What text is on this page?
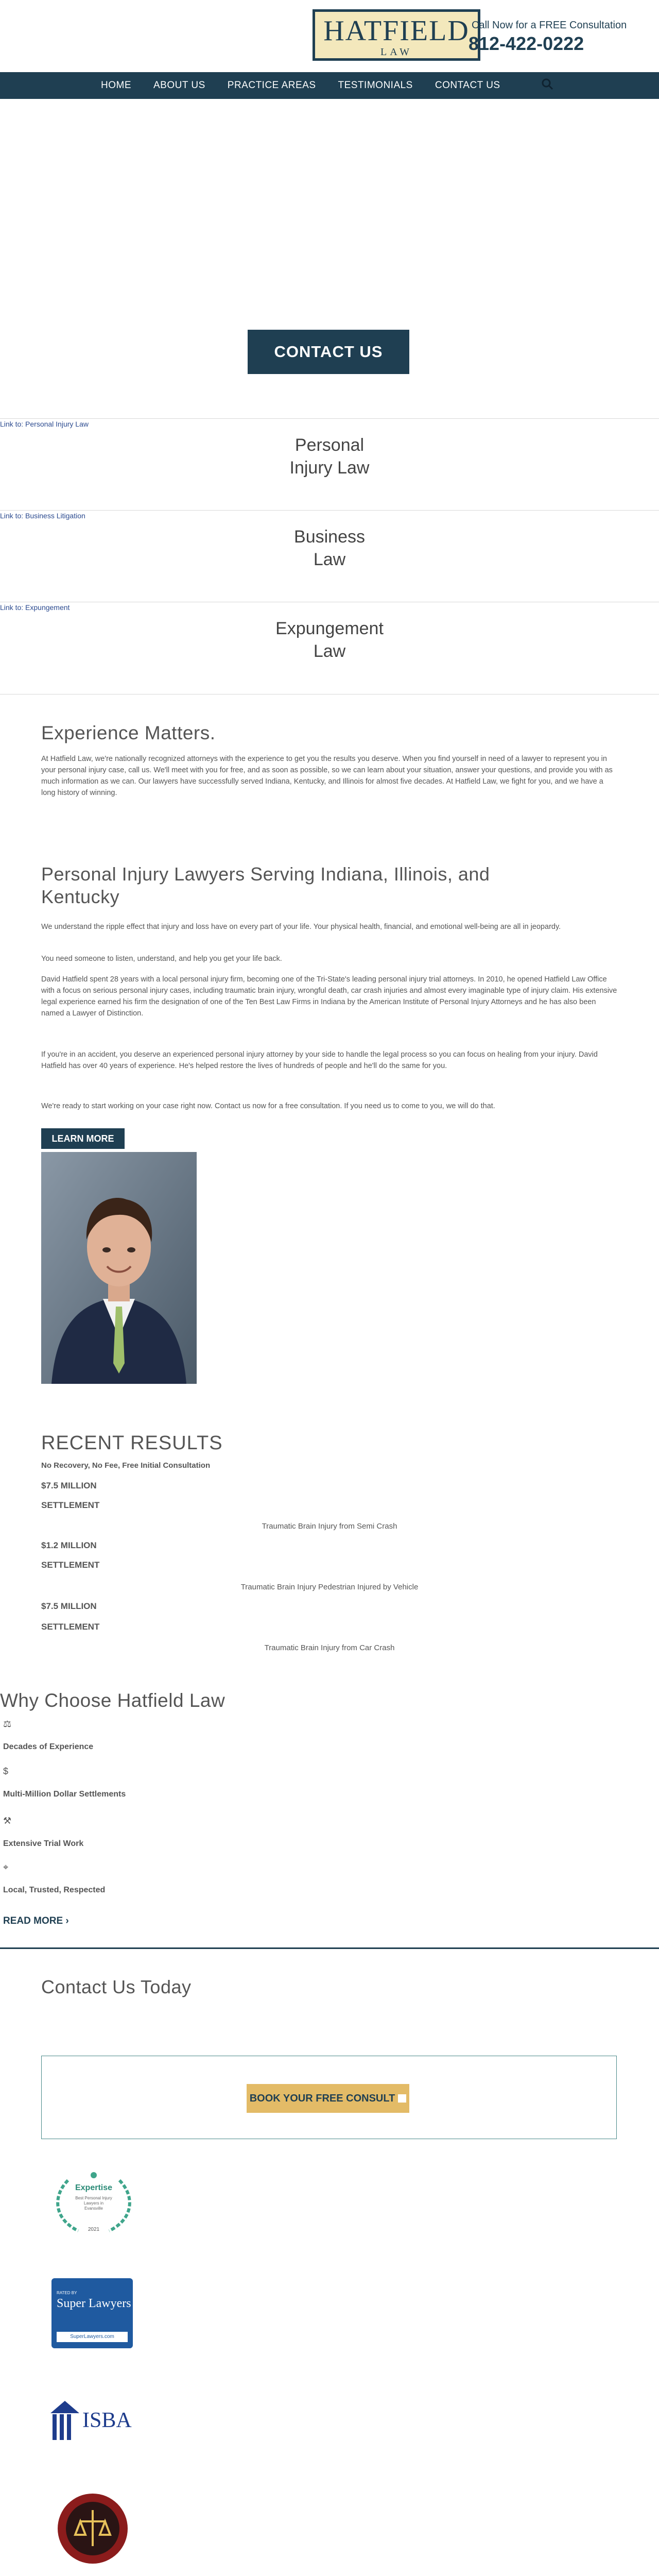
HATFIELD
LAW
Call Now for a FREE Consultation
812-422-0222
HOME ABOUT US PRACTICE AREAS TESTIMONIALS CONTACT US
CONTACT US
Link to: Personal Injury Law
Personal
Injury Law
Link to: Business Litigation
Business
Law
Link to: Expungement
Expungement
Law
Experience Matters.
At Hatfield Law, we're nationally recognized attorneys with the experience to get you the results you deserve. When you find yourself in need of a lawyer to represent you in your personal injury case, call us. We'll meet with you for free, and as soon as possible, so we can learn about your situation, answer your questions, and provide you with as much information as we can. Our lawyers have successfully served Indiana, Kentucky, and Illinois for almost five decades. At Hatfield Law, we fight for you, and we have a long history of winning.
Personal Injury Lawyers Serving Indiana, Illinois, and
Kentucky
We understand the ripple effect that injury and loss have on every part of your life. Your physical health, financial, and emotional well-being are all in jeopardy.
You need someone to listen, understand, and help you get your life back.
David Hatfield spent 28 years with a local personal injury firm, becoming one of the Tri-State's leading personal injury trial attorneys. In 2010, he opened Hatfield Law Office with a focus on serious personal injury cases, including traumatic brain injury, wrongful death, car crash injuries and almost every imaginable type of injury claim. His extensive legal experience earned his firm the designation of one of the Ten Best Law Firms in Indiana by the American Institute of Personal Injury Attorneys and he has also been named a Lawyer of Distinction.
If you're in an accident, you deserve an experienced personal injury attorney by your side to handle the legal process so you can focus on healing from your injury. David Hatfield has over 40 years of experience. He's helped restore the lives of hundreds of people and he'll do the same for you.
We're ready to start working on your case right now. Contact us now for a free consultation. If you need us to come to you, we will do that.
LEARN MORE
RECENT RESULTS
No Recovery, No Fee, Free Initial Consultation
$7.5 MILLION
SETTLEMENT
Traumatic Brain Injury from Semi Crash
$1.2 MILLION
SETTLEMENT
Traumatic Brain Injury Pedestrian Injured by Vehicle
$7.5 MILLION
SETTLEMENT
Traumatic Brain Injury from Car Crash
Why Choose Hatfield Law
⚖
Decades of Experience
$
Multi-Million Dollar Settlements
⚒
Extensive Trial Work
⌖
Local, Trusted, Respected
READ MORE ›
Contact Us Today
BOOK YOUR FREE CONSULT
Expertise
Best Personal Injury
Lawyers in
Evansville
2021
RATED BY
Super Lawyers
SuperLawyers.com
ISBA
